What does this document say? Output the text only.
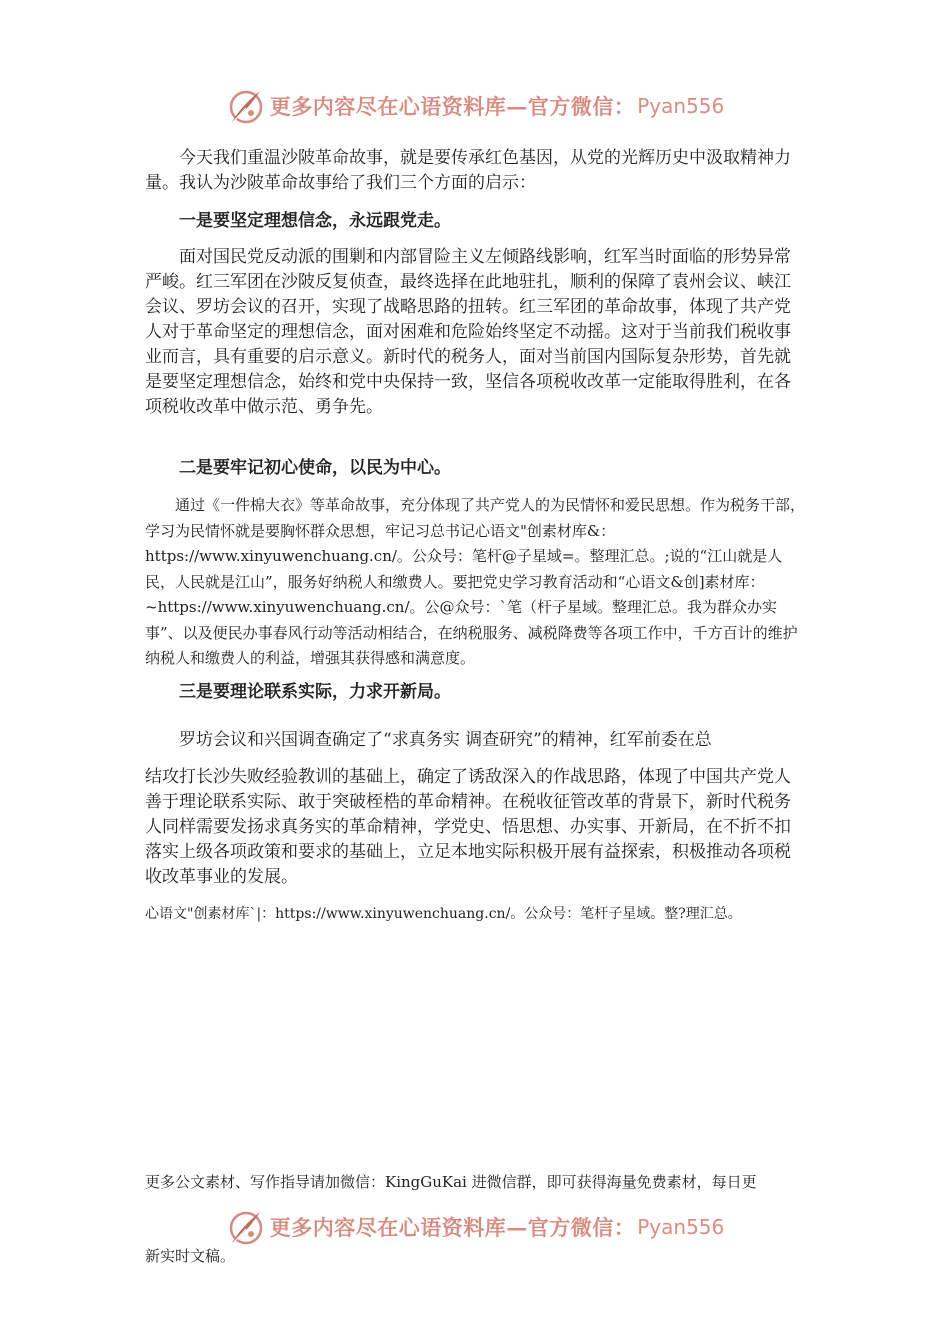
更多内容尽在心语资料库—官方微信： Pyan556

今天我们重温沙陂革命故事，就是要传承红色基因，从党的光辉历史中汲取精神力量。我认为沙陂革命故事给了我们三个方面的启示：

一是要坚定理想信念，永远跟党走。

面对国民党反动派的围剿和内部冒险主义左倾路线影响，红军当时面临的形势异常严峻。红三军团在沙陂反复侦查，最终选择在此地驻扎，顺利的保障了袁州会议、峡江会议、罗坊会议的召开，实现了战略思路的扭转。红三军团的革命故事，体现了共产党人对于革命坚定的理想信念，面对困难和危险始终坚定不动摇。这对于当前我们税收事业而言，具有重要的启示意义。新时代的税务人，面对当前国内国际复杂形势，首先就是要坚定理想信念，始终和党中央保持一致，坚信各项税收改革一定能取得胜利，在各项税收改革中做示范、勇争先。

二是要牢记初心使命，以民为中心。

通过《一件棉大衣》等革命故事，充分体现了共产党人的为民情怀和爱民思想。作为税务干部，学习为民情怀就是要胸怀群众思想，牢记习总书记心语文"创素材库&：https://www.xinyuwenchuang.cn/。公众号：笔杆@子星域=。整理汇总。;说的“江山就是人民，人民就是江山”，服务好纳税人和缴费人。要把党史学习教育活动和“心语文&创]素材库：~https://www.xinyuwenchuang.cn/。公@众号：`笔（杆子星域。整理汇总。我为群众办实事”、以及便民办事春风行动等活动相结合，在纳税服务、减税降费等各项工作中，千方百计的维护纳税人和缴费人的利益，增强其获得感和满意度。

三是要理论联系实际，力求开新局。

罗坊会议和兴国调查确定了“求真务实 调查研究”的精神，红军前委在总

结攻打长沙失败经验教训的基础上，确定了诱敌深入的作战思路，体现了中国共产党人善于理论联系实际、敢于突破桎梏的革命精神。在税收征管改革的背景下，新时代税务人同样需要发扬求真务实的革命精神，学党史、悟思想、办实事、开新局，在不折不扣落实上级各项政策和要求的基础上，立足本地实际积极开展有益探索，积极推动各项税收改革事业的发展。

心语文"创素材库`|：https://www.xinyuwenchuang.cn/。公众号：笔杆子星域。整?理汇总。

更多公文素材、写作指导请加微信：KingGuKai 进微信群，即可获得海量免费素材，每日更

更多内容尽在心语资料库—官方微信： Pyan556

新实时文稿。
